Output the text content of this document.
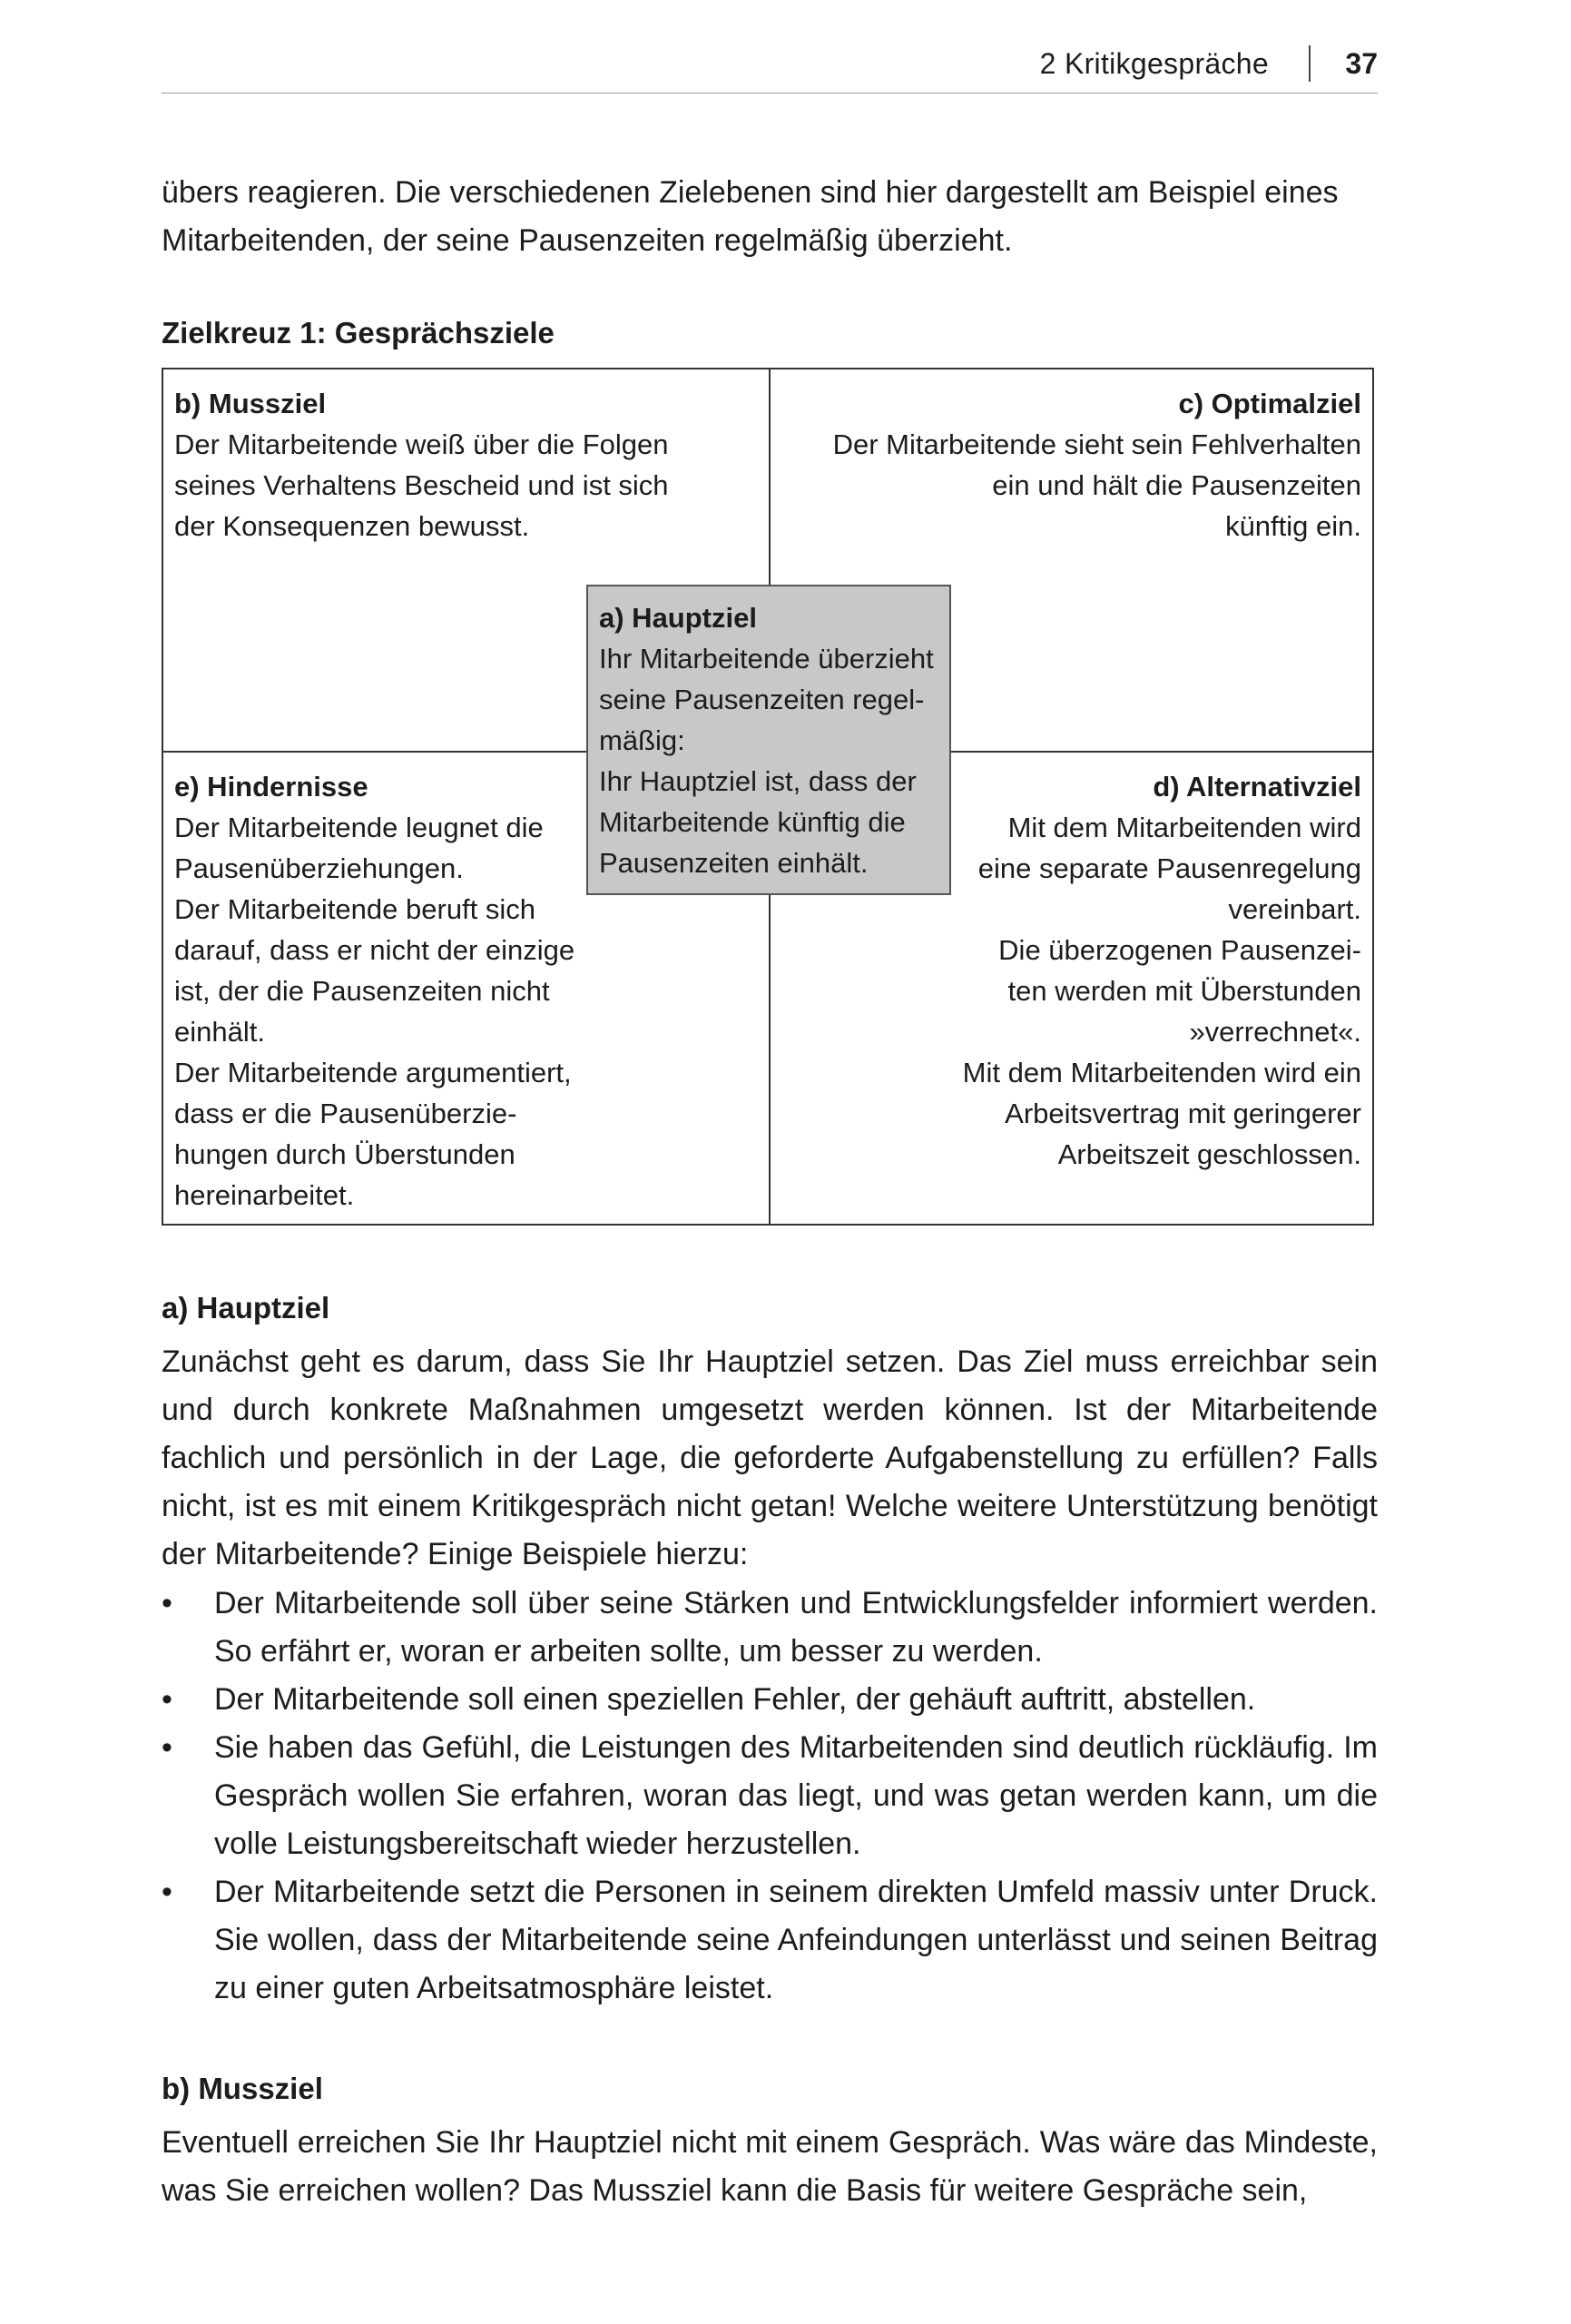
2 Kritikgespräche	37
übers reagieren. Die verschiedenen Zielebenen sind hier dargestellt am Beispiel eines
Mitarbeitenden, der seine Pausenzeiten regelmäßig überzieht.
Zielkreuz 1: Gesprächsziele
b) Mussziel
Der Mitarbeitende weiß über die Folgen
seines Verhaltens Bescheid und ist sich
der Konsequenzen bewusst.
c) Optimalziel
Der Mitarbeitende sieht sein Fehlverhalten
ein und hält die Pausenzeiten
künftig ein.
e) Hindernisse
Der Mitarbeitende leugnet die
Pausenüberziehungen.
Der Mitarbeitende beruft sich
darauf, dass er nicht der einzige
ist, der die Pausenzeiten nicht
einhält.
Der Mitarbeitende argumentiert,
dass er die Pausenüberzie-
hungen durch Überstunden
hereinarbeitet.
d) Alternativziel
Mit dem Mitarbeitenden wird
eine separate Pausenregelung
vereinbart.
Die überzogenen Pausenzei-
ten werden mit Überstunden
»verrechnet«.
Mit dem Mitarbeitenden wird ein
Arbeitsvertrag mit geringerer
Arbeitszeit geschlossen.
a) Hauptziel
Ihr Mitarbeitende überzieht
seine Pausenzeiten regel-
mäßig:
Ihr Hauptziel ist, dass der
Mitarbeitende künftig die
Pausenzeiten einhält.
a) Hauptziel

Zunächst geht es darum, dass Sie Ihr Hauptziel setzen. Das Ziel muss erreichbar sein und durch konkrete Maßnahmen umgesetzt werden können. Ist der Mitarbeitende fachlich und persönlich in der Lage, die geforderte Aufgabenstellung zu erfüllen? Falls nicht, ist es mit einem Kritikgespräch nicht getan! Welche weitere Unterstützung benötigt der Mitarbeitende? Einige Beispiele hierzu:

• Der Mitarbeitende soll über seine Stärken und Entwicklungsfelder informiert werden. So erfährt er, woran er arbeiten sollte, um besser zu werden.
• Der Mitarbeitende soll einen speziellen Fehler, der gehäuft auftritt, abstellen.
• Sie haben das Gefühl, die Leistungen des Mitarbeitenden sind deutlich rückläufig. Im Gespräch wollen Sie erfahren, woran das liegt, und was getan werden kann, um die volle Leistungsbereitschaft wieder herzustellen.
• Der Mitarbeitende setzt die Personen in seinem direkten Umfeld massiv unter Druck. Sie wollen, dass der Mitarbeitende seine Anfeindungen unterlässt und seinen Beitrag zu einer guten Arbeitsatmosphäre leistet.
b) Mussziel

Eventuell erreichen Sie Ihr Hauptziel nicht mit einem Gespräch. Was wäre das Mindeste, was Sie erreichen wollen? Das Mussziel kann die Basis für weitere Gespräche sein,
